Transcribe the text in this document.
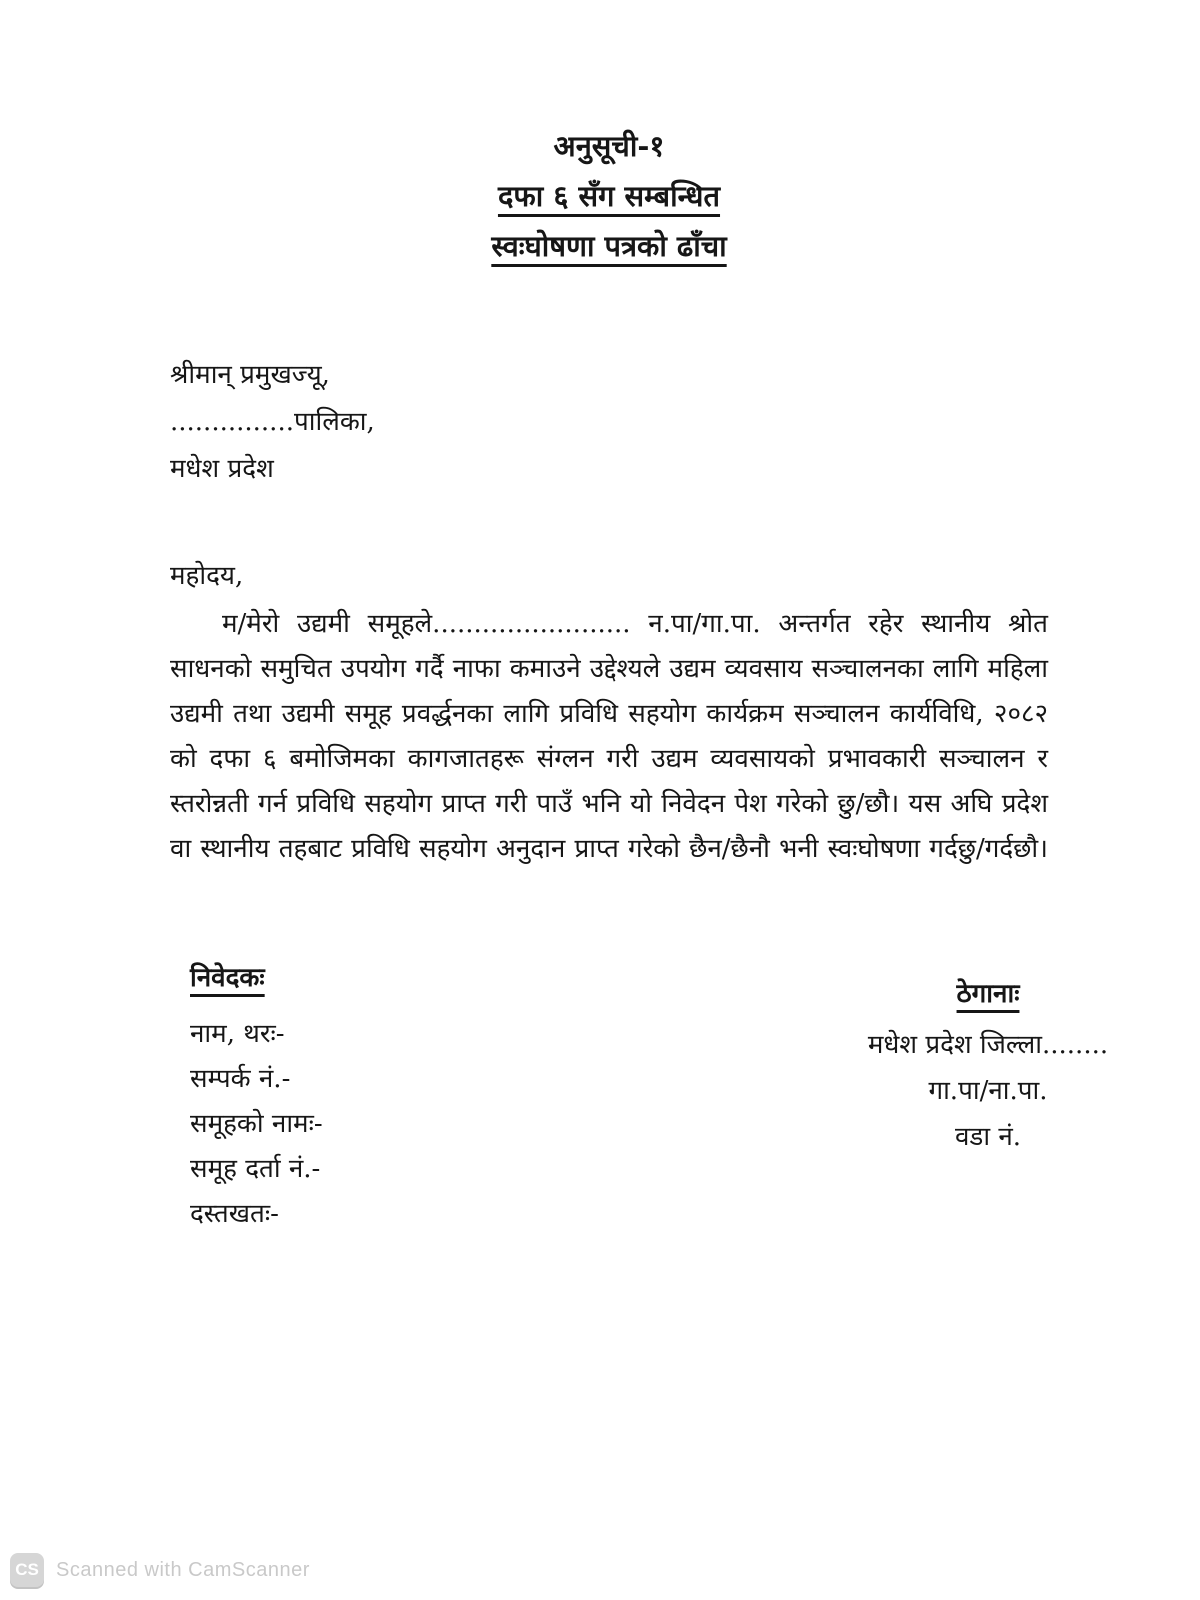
अनुसूची-१ दफा ६ सँग सम्बन्धित स्वःघोषणा पत्रको ढाँचा
श्रीमान् प्रमुखज्यू,
...............पालिका,
मधेश प्रदेश
महोदय,
म/मेरो उद्यमी समूहले........................ न.पा/गा.पा. अन्तर्गत रहेर स्थानीय श्रोत
साधनको समुचित उपयोग गर्दै नाफा कमाउने उद्देश्यले उद्यम व्यवसाय सञ्चालनका लागि महिला
उद्यमी तथा उद्यमी समूह प्रवर्द्धनका लागि प्रविधि सहयोग कार्यक्रम सञ्चालन कार्यविधि, २०८२
को दफा ६ बमोजिमका कागजातहरू संग्लन गरी उद्यम व्यवसायको प्रभावकारी सञ्चालन र
स्तरोन्नती गर्न प्रविधि सहयोग प्राप्त गरी पाउँ भनि यो निवेदन पेश गरेको छु/छौ। यस अघि प्रदेश
वा स्थानीय तहबाट प्रविधि सहयोग अनुदान प्राप्त गरेको छैन/छैनौ भनी स्वःघोषणा गर्दछु/गर्दछौ।
निवेदकः
नाम, थरः-
सम्पर्क नं.-
समूहको नामः-
समूह दर्ता नं.-
दस्तखतः-
ठेगानाः
मधेश प्रदेश जिल्ला........
गा.पा/ना.पा.
वडा नं.
CS Scanned with CamScanner
